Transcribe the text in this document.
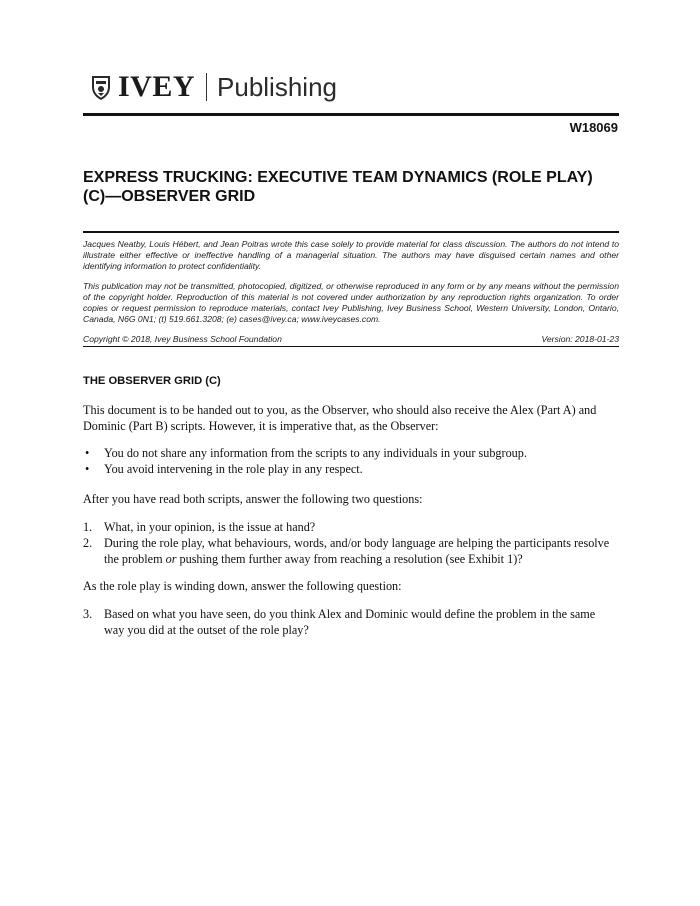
IVEY Publishing
W18069
EXPRESS TRUCKING: EXECUTIVE TEAM DYNAMICS (ROLE PLAY)
(C)—OBSERVER GRID

Jacques Neatby, Louis Hébert, and Jean Poitras wrote this case solely to provide material for class discussion. The authors do not intend to illustrate either effective or ineffective handling of a managerial situation. The authors may have disguised certain names and other identifying information to protect confidentiality.

This publication may not be transmitted, photocopied, digitized, or otherwise reproduced in any form or by any means without the permission of the copyright holder. Reproduction of this material is not covered under authorization by any reproduction rights organization. To order copies or request permission to reproduce materials, contact Ivey Publishing, Ivey Business School, Western University, London, Ontario, Canada, N6G 0N1; (t) 519.661.3208; (e) cases@ivey.ca; www.iveycases.com.

Copyright © 2018, Ivey Business School Foundation	Version: 2018-01-23
THE OBSERVER GRID (C)

This document is to be handed out to you, as the Observer, who should also receive the Alex (Part A) and
Dominic (Part B) scripts. However, it is imperative that, as the Observer:

• You do not share any information from the scripts to any individuals in your subgroup.
• You avoid intervening in the role play in any respect.

After you have read both scripts, answer the following two questions:

1. What, in your opinion, is the issue at hand?
2. During the role play, what behaviours, words, and/or body language are helping the participants resolve
the problem or pushing them further away from reaching a resolution (see Exhibit 1)?

As the role play is winding down, answer the following question:

3. Based on what you have seen, do you think Alex and Dominic would define the problem in the same
way you did at the outset of the role play?
